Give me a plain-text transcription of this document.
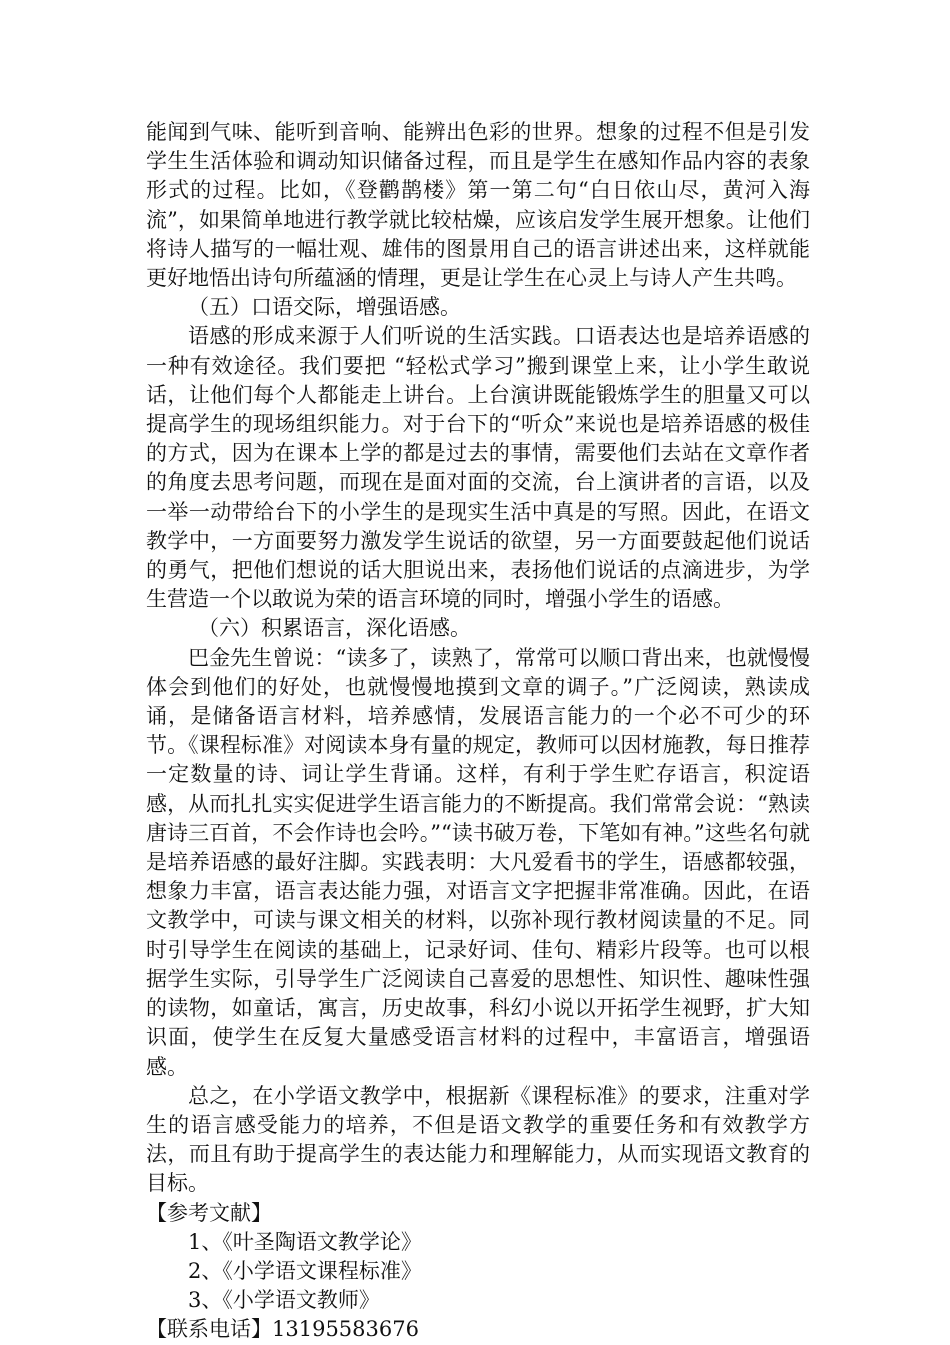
能闻到气味、能听到音响、能辨出色彩的世界。想象的过程不但是引发学生生活体验和调动知识储备过程，而且是学生在感知作品内容的表象形式的过程。比如，《登鹳鹊楼》第一第二句“白日依山尽，黄河入海流”，如果简单地进行教学就比较枯燥，应该启发学生展开想象。让他们将诗人描写的一幅壮观、雄伟的图景用自己的语言讲述出来，这样就能更好地悟出诗句所蕴涵的情理，更是让学生在心灵上与诗人产生共鸣。

（五）口语交际，增强语感。

语感的形成来源于人们听说的生活实践。口语表达也是培养语感的一种有效途径。我们要把 “轻松式学习”搬到课堂上来，让小学生敢说话，让他们每个人都能走上讲台。上台演讲既能锻炼学生的胆量又可以提高学生的现场组织能力。对于台下的“听众”来说也是培养语感的极佳的方式，因为在课本上学的都是过去的事情，需要他们去站在文章作者的角度去思考问题，而现在是面对面的交流，台上演讲者的言语，以及一举一动带给台下的小学生的是现实生活中真是的写照。因此，在语文教学中，一方面要努力激发学生说话的欲望，另一方面要鼓起他们说话的勇气，把他们想说的话大胆说出来，表扬他们说话的点滴进步，为学生营造一个以敢说为荣的语言环境的同时，增强小学生的语感。

（六）积累语言，深化语感。

巴金先生曾说：“读多了，读熟了，常常可以顺口背出来，也就慢慢体会到他们的好处，也就慢慢地摸到文章的调子。”广泛阅读，熟读成诵，是储备语言材料，培养感情，发展语言能力的一个必不可少的环节。《课程标准》对阅读本身有量的规定，教师可以因材施教，每日推荐一定数量的诗、词让学生背诵。这样，有利于学生贮存语言，积淀语感，从而扎扎实实促进学生语言能力的不断提高。我们常常会说：“熟读唐诗三百首，不会作诗也会吟。”“读书破万卷，下笔如有神。”这些名句就是培养语感的最好注脚。实践表明：大凡爱看书的学生，语感都较强，想象力丰富，语言表达能力强，对语言文字把握非常准确。因此，在语文教学中，可读与课文相关的材料，以弥补现行教材阅读量的不足。同时引导学生在阅读的基础上，记录好词、佳句、精彩片段等。也可以根据学生实际，引导学生广泛阅读自己喜爱的思想性、知识性、趣味性强的读物，如童话，寓言，历史故事，科幻小说以开拓学生视野，扩大知识面，使学生在反复大量感受语言材料的过程中，丰富语言，增强语感。

总之，在小学语文教学中，根据新《课程标准》的要求，注重对学生的语言感受能力的培养，不但是语文教学的重要任务和有效教学方法，而且有助于提高学生的表达能力和理解能力，从而实现语文教育的目标。

【参考文献】

1、《叶圣陶语文教学论》

2、《小学语文课程标准》

3、《小学语文教师》

【联系电话】13195583676
